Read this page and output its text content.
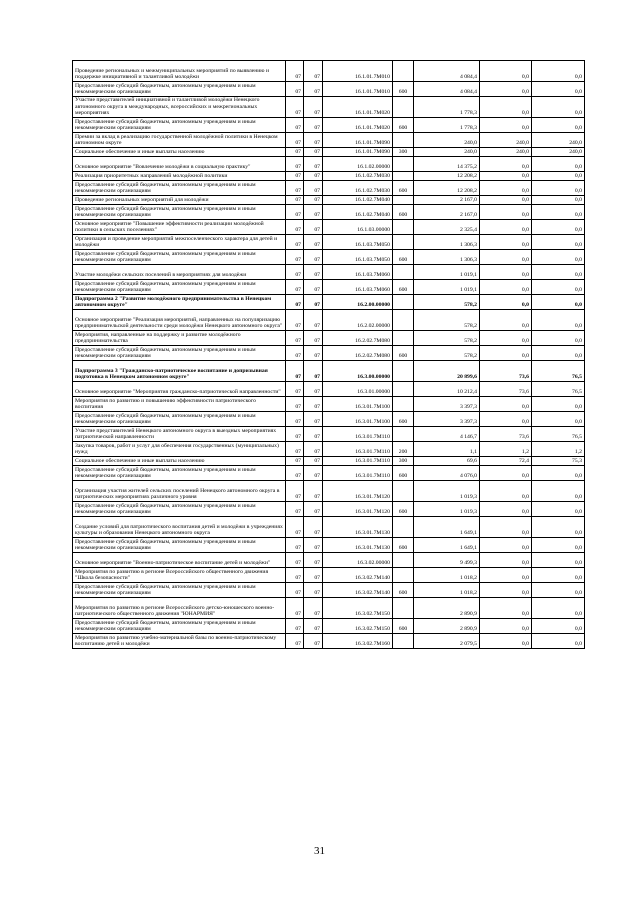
Проведение региональных и межмуниципальных мероприятий по выявлению и поддержке инициативной и талантливой молодёжи	07	07	16.1.01.7М010		4 084,4	0,0	0,0
Предоставление субсидий бюджетным, автономным учреждениям и иным некоммерческим организациям	07	07	16.1.01.7М010	600	4 084,4	0,0	0,0
Участие представителей инициативной и талантливой молодёжи Ненецкого автономного округа в международных, всероссийских и межрегиональных мероприятиях	07	07	16.1.01.7М020		1 778,3	0,0	0,0
Предоставление субсидий бюджетным, автономным учреждениям и иным некоммерческим организациям	07	07	16.1.01.7М020	600	1 778,3	0,0	0,0
Премии за вклад в реализацию государственной молодёжной политики в Ненецком автономном округе	07	07	16.1.01.7М090		240,0	240,0	240,0
Социальное обеспечение и иные выплаты населению	07	07	16.1.01.7М090	300	240,0	240,0	240,0
Основное мероприятие "Вовлечение молодёжи в социальную практику"	07	07	16.1.02.00000		14 375,2	0,0	0,0
Реализация приоритетных направлений молодёжной политики	07	07	16.1.02.7М030		12 208,2	0,0	0,0
Предоставление субсидий бюджетным, автономным учреждениям и иным некоммерческим организациям	07	07	16.1.02.7М030	600	12 208,2	0,0	0,0
Проведение региональных мероприятий для молодёжи	07	07	16.1.02.7М040		2 167,0	0,0	0,0
Предоставление субсидий бюджетным, автономным учреждениям и иным некоммерческим организациям	07	07	16.1.02.7М040	600	2 167,0	0,0	0,0
Основное мероприятие "Повышение эффективности реализации молодёжной политики в сельских поселениях"	07	07	16.1.03.00000		2 325,4	0,0	0,0
Организация и проведение мероприятий межпоселенческого характера для детей и молодёжи	07	07	16.1.03.7М050		1 306,3	0,0	0,0
Предоставление субсидий бюджетным, автономным учреждениям и иным некоммерческим организациям	07	07	16.1.03.7М050	600	1 306,3	0,0	0,0
Участие молодёжи сельских поселений в мероприятиях для молодёжи	07	07	16.1.03.7М060		1 019,1	0,0	0,0
Предоставление субсидий бюджетным, автономным учреждениям и иным некоммерческим организациям	07	07	16.1.03.7М060	600	1 019,1	0,0	0,0
Подпрограмма 2 "Развитие молодёжного предпринимательства в Ненецком автономном округе"	07	07	16.2.00.00000		578,2	0,0	0,0
Основное мероприятие "Реализация мероприятий, направленных на популяризацию предпринимательской деятельности среди молодёжи Ненецкого автономного округа"	07	07	16.2.02.00000		578,2	0,0	0,0
Мероприятия, направленные на поддержку и развитие молодёжного предпринимательства	07	07	16.2.02.7М080		578,2	0,0	0,0
Предоставление субсидий бюджетным, автономным учреждениям и иным некоммерческим организациям	07	07	16.2.02.7М080	600	578,2	0,0	0,0
Подпрограмма 3 "Гражданско-патриотическое воспитание и допризывная подготовка в Ненецком автономном округе"	07	07	16.3.00.00000		20 899,6	73,6	76,5
Основное мероприятие "Мероприятия гражданско-патриотической направленности"	07	07	16.3.01.00000		10 212,4	73,6	76,5
Мероприятия по развитию и повышению эффективности патриотического воспитания	07	07	16.3.01.7М100		3 397,3	0,0	0,0
Предоставление субсидий бюджетным, автономным учреждениям и иным некоммерческим организациям	07	07	16.3.01.7М100	600	3 397,3	0,0	0,0
Участие представителей Ненецкого автономного округа в выездных мероприятиях патриотической направленности	07	07	16.3.01.7М110		4 146,7	73,6	76,5
Закупка товаров, работ и услуг для обеспечения государственных (муниципальных) нужд	07	07	16.3.01.7М110	200	1,1	1,2	1,2
Социальное обеспечение и иные выплаты населению	07	07	16.3.01.7М110	300	69,6	72,4	75,3
Предоставление субсидий бюджетным, автономным учреждениям и иным некоммерческим организациям	07	07	16.3.01.7М110	600	4 076,0	0,0	0,0
Организация участия жителей сельских поселений Ненецкого автономного округа в патриотических мероприятиях различного уровня	07	07	16.3.01.7М120		1 019,3	0,0	0,0
Предоставление субсидий бюджетным, автономным учреждениям и иным некоммерческим организациям	07	07	16.3.01.7М120	600	1 019,3	0,0	0,0
Создание условий для патриотического воспитания детей и молодёжи в учреждениях культуры и образования Ненецкого автономного округа	07	07	16.3.01.7М130		1 649,1	0,0	0,0
Предоставление субсидий бюджетным, автономным учреждениям и иным некоммерческим организациям	07	07	16.3.01.7М130	600	1 649,1	0,0	0,0
Основное мероприятие "Военно-патриотическое воспитание детей и молодёжи"	07	07	16.3.02.00000		9 499,3	0,0	0,0
Мероприятия по развитию в регионе Всероссийского общественного движения "Школа безопасности"	07	07	16.3.02.7М140		1 018,2	0,0	0,0
Предоставление субсидий бюджетным, автономным учреждениям и иным некоммерческим организациям	07	07	16.3.02.7М140	600	1 018,2	0,0	0,0
Мероприятия по развитию в регионе Всероссийского детско-юношеского военно-патриотического общественного движения "ЮНАРМИЯ"	07	07	16.3.02.7М150		2 890,9	0,0	0,0
Предоставление субсидий бюджетным, автономным учреждениям и иным некоммерческим организациям	07	07	16.3.02.7М150	600	2 890,9	0,0	0,0
Мероприятия по развитию учебно-материальной базы по военно-патриотическому воспитанию детей и молодёжи	07	07	16.3.02.7М160		2 079,5	0,0	0,0
31
